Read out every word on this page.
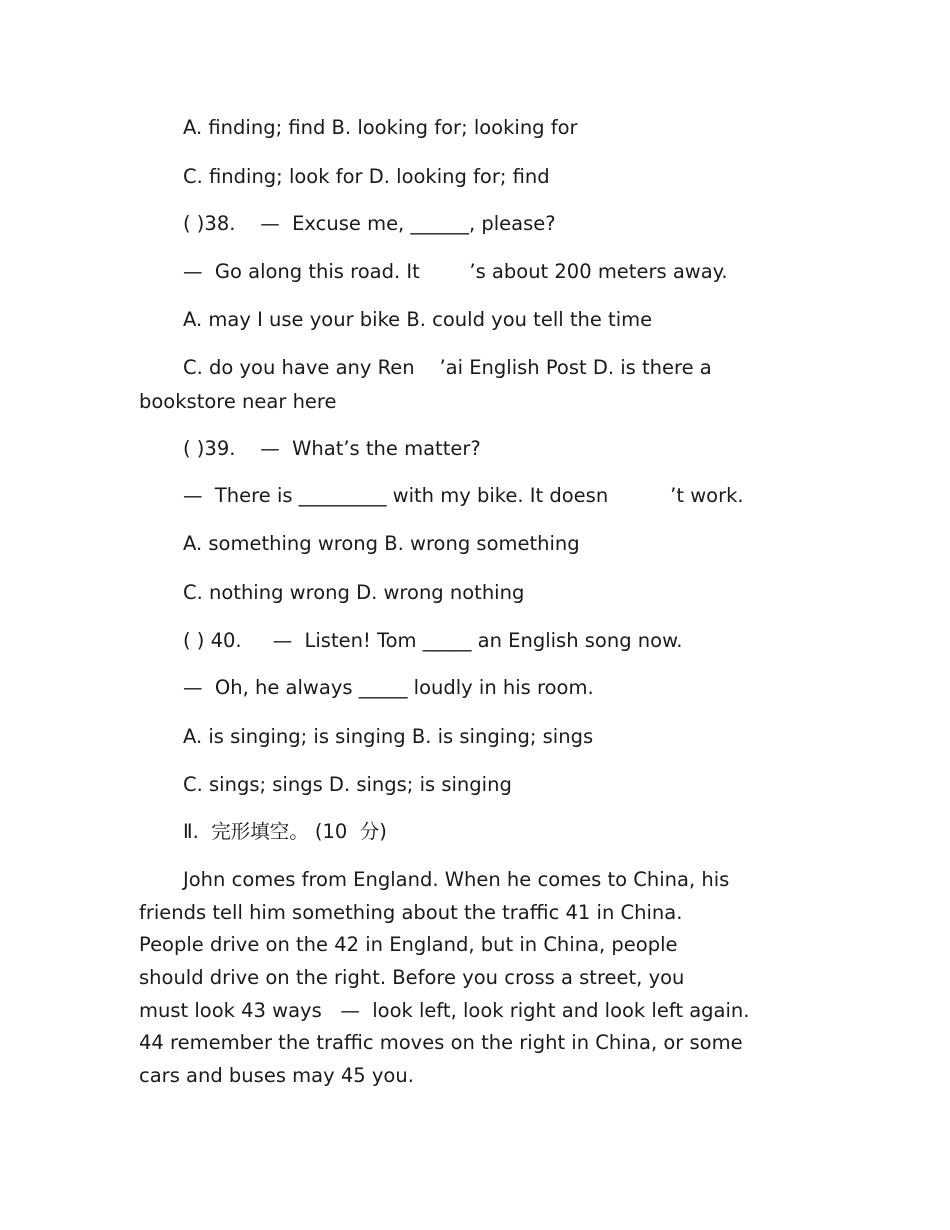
A. finding; find B. looking for; looking for
C. finding; look for D. looking for; find
( )38.    —  Excuse me, ______, please?
—  Go along this road. It        ’s about 200 meters away.
A. may I use your bike B. could you tell the time
C. do you have any Ren    ’ai English Post D. is there a
bookstore near here
( )39.    —  What’s the matter?
—  There is _________ with my bike. It doesn          ’t work.
A. something wrong B. wrong something
C. nothing wrong D. wrong nothing
( ) 40.     —  Listen! Tom _____ an English song now.
—  Oh, he always _____ loudly in his room.
A. is singing; is singing B. is singing; sings
C. sings; sings D. sings; is singing
Ⅱ.  完形填空。 (10  分)
John comes from England. When he comes to China, his
friends tell him something about the traffic 41 in China.
People drive on the 42 in England, but in China, people
should drive on the right. Before you cross a street, you
must look 43 ways   —  look left, look right and look left again.
44 remember the traffic moves on the right in China, or some
cars and buses may 45 you.
